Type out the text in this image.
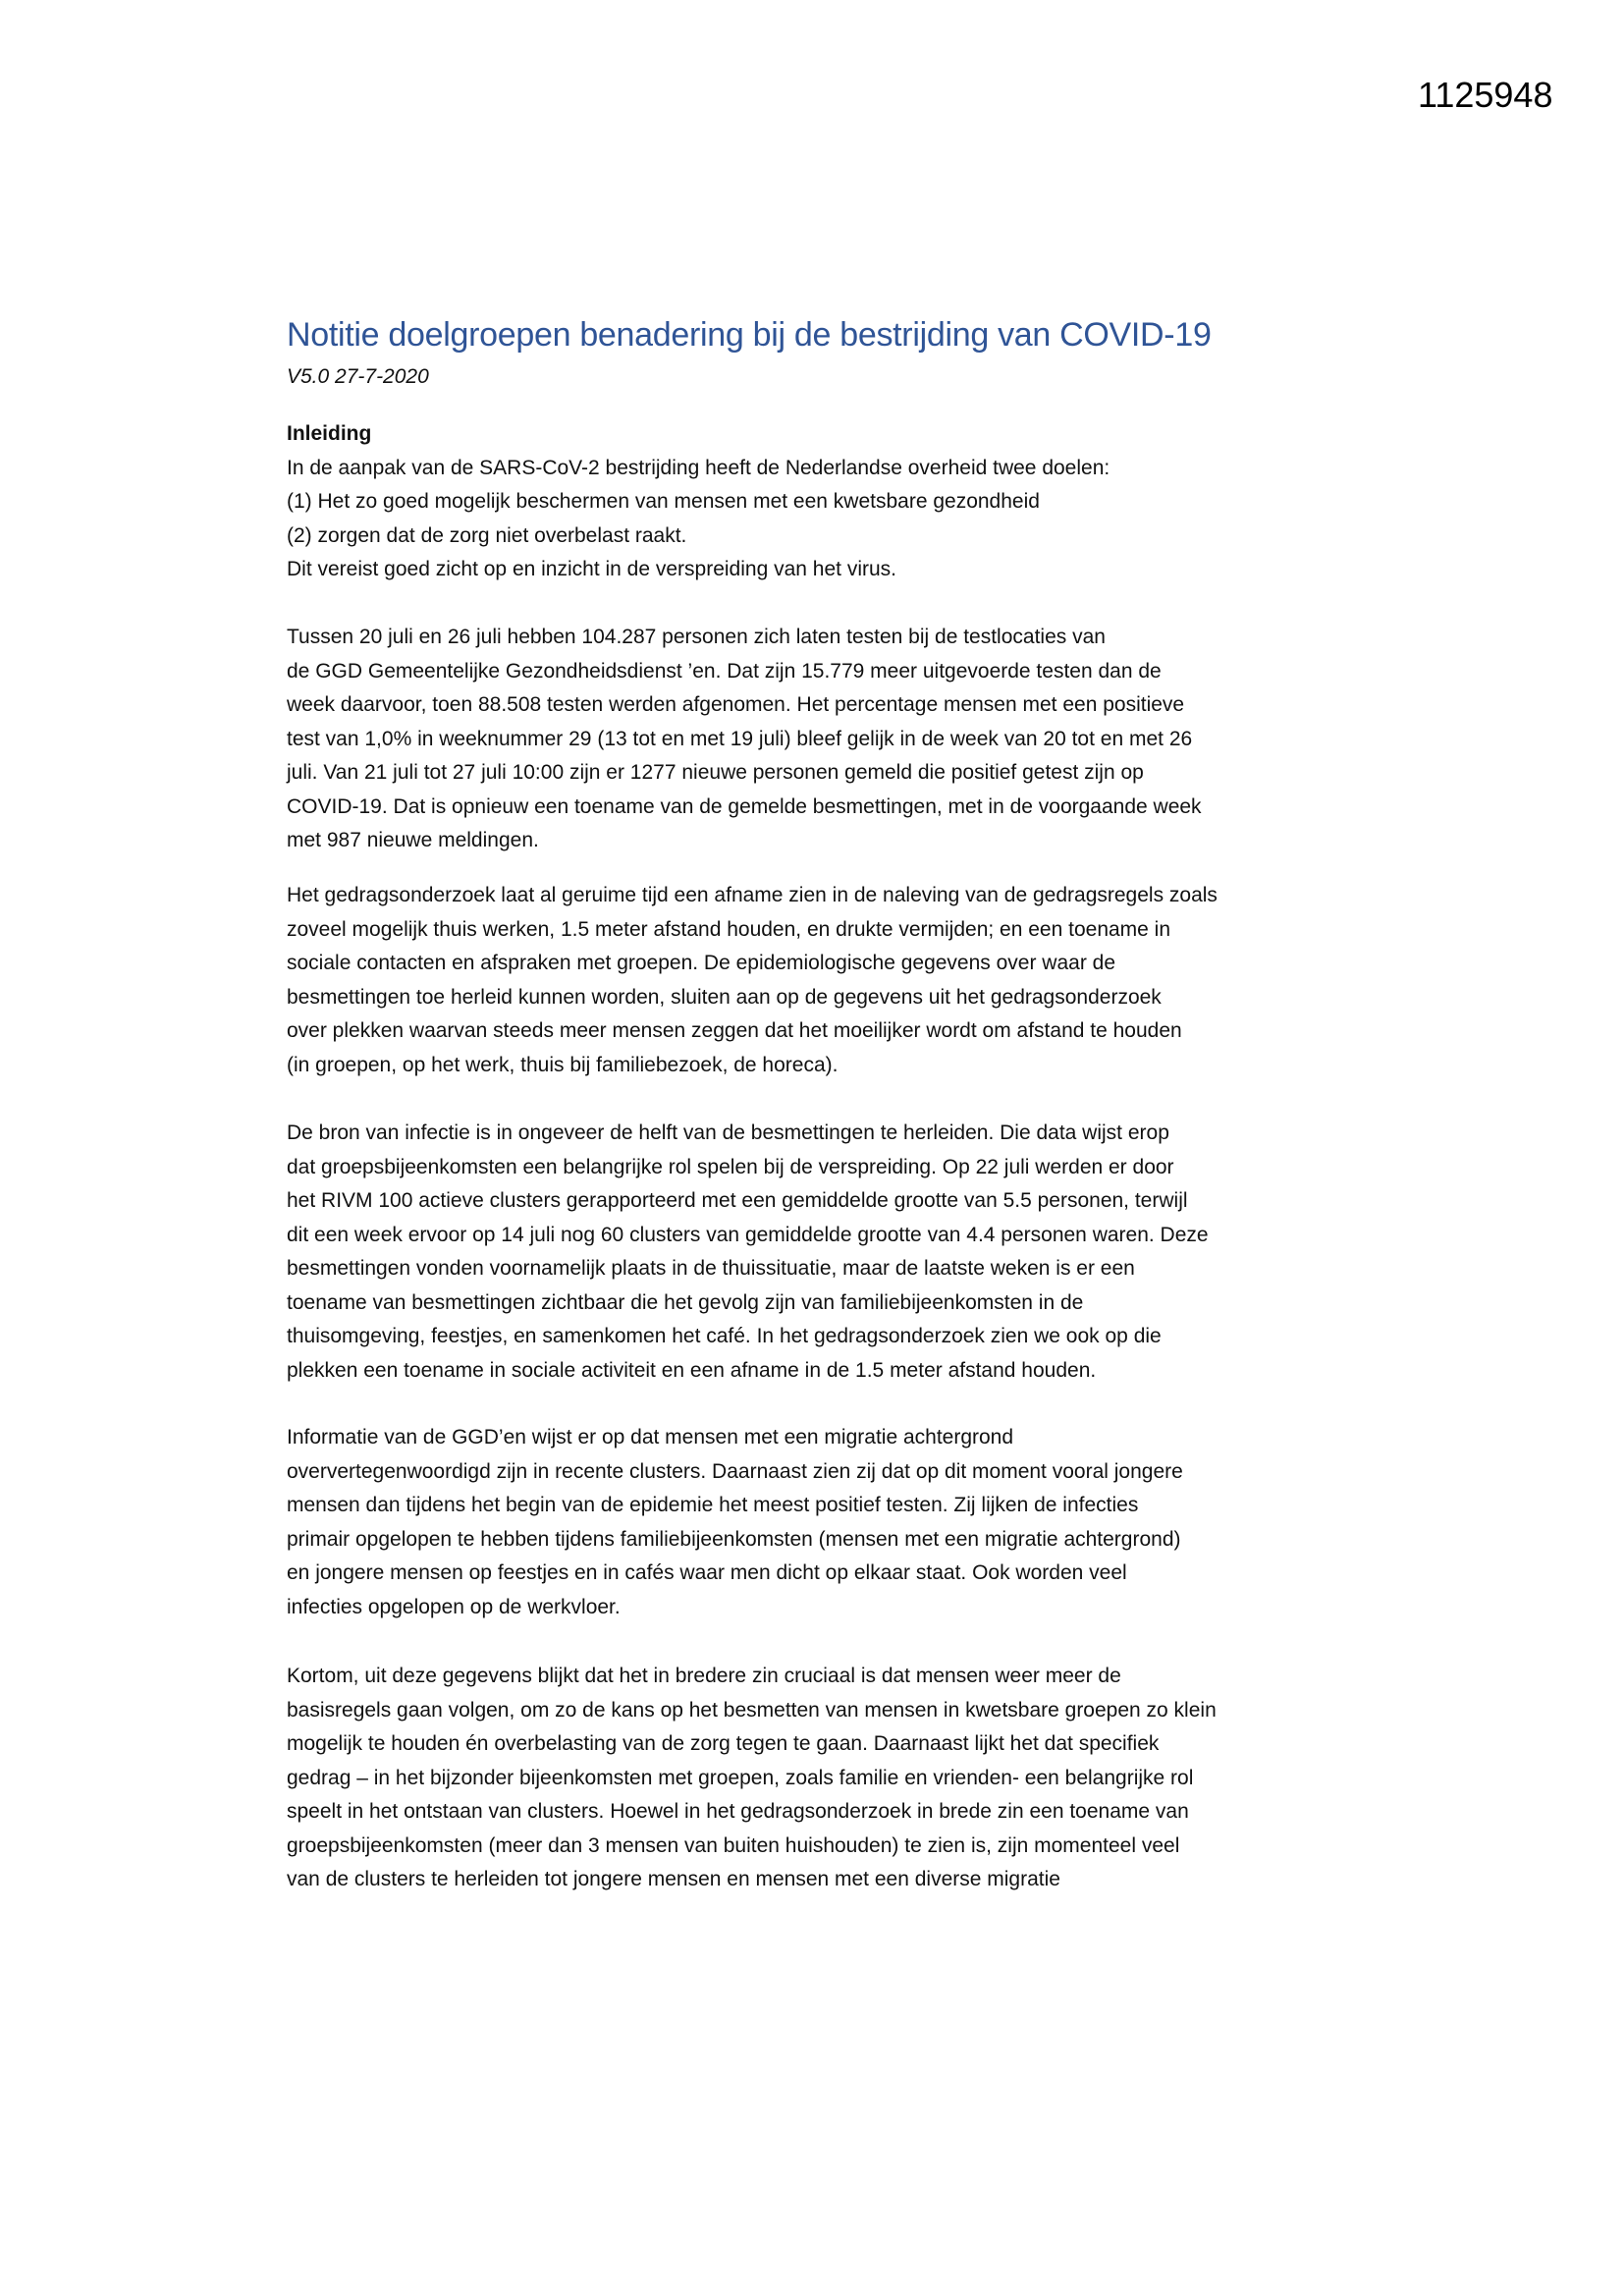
1125948
Notitie doelgroepen benadering bij de bestrijding van COVID-19
V5.0 27-7-2020
Inleiding
In de aanpak van de SARS-CoV-2 bestrijding heeft de Nederlandse overheid twee doelen:
(1) Het zo goed mogelijk beschermen van mensen met een kwetsbare gezondheid
(2) zorgen dat de zorg niet overbelast raakt.
Dit vereist goed zicht op en inzicht in de verspreiding van het virus.
Tussen 20 juli en 26 juli hebben 104.287 personen zich laten testen bij de testlocaties van
de GGD Gemeentelijke Gezondheidsdienst ’en. Dat zijn 15.779 meer uitgevoerde testen dan de
week daarvoor, toen 88.508 testen werden afgenomen. Het percentage mensen met een positieve
test van 1,0% in weeknummer 29 (13 tot en met 19 juli) bleef gelijk in de week van 20 tot en met 26
juli. Van 21 juli tot 27 juli 10:00 zijn er 1277 nieuwe personen gemeld die positief getest zijn op
COVID-19. Dat is opnieuw een toename van de gemelde besmettingen, met in de voorgaande week
met 987 nieuwe meldingen.
Het gedragsonderzoek laat al geruime tijd een afname zien in de naleving van de gedragsregels zoals
zoveel mogelijk thuis werken, 1.5 meter afstand houden, en drukte vermijden; en een toename in
sociale contacten en afspraken met groepen. De epidemiologische gegevens over waar de
besmettingen toe herleid kunnen worden, sluiten aan op de gegevens uit het gedragsonderzoek
over plekken waarvan steeds meer mensen zeggen dat het moeilijker wordt om afstand te houden
(in groepen, op het werk, thuis bij familiebezoek, de horeca).
De bron van infectie is in ongeveer de helft van de besmettingen te herleiden. Die data wijst erop
dat groepsbijeenkomsten een belangrijke rol spelen bij de verspreiding. Op 22 juli werden er door
het RIVM 100 actieve clusters gerapporteerd met een gemiddelde grootte van 5.5 personen, terwijl
dit een week ervoor op 14 juli nog 60 clusters van gemiddelde grootte van 4.4 personen waren. Deze
besmettingen vonden voornamelijk plaats in de thuissituatie, maar de laatste weken is er een
toename van besmettingen zichtbaar die het gevolg zijn van familiebijeenkomsten in de
thuisomgeving, feestjes, en samenkomen het café. In het gedragsonderzoek zien we ook op die
plekken een toename in sociale activiteit en een afname in de 1.5 meter afstand houden.
Informatie van de GGD’en wijst er op dat mensen met een migratie achtergrond
oververtegenwoordigd zijn in recente clusters. Daarnaast zien zij dat op dit moment vooral jongere
mensen dan tijdens het begin van de epidemie het meest positief testen. Zij lijken de infecties
primair opgelopen te hebben tijdens familiebijeenkomsten (mensen met een migratie achtergrond)
en jongere mensen op feestjes en in cafés waar men dicht op elkaar staat. Ook worden veel
infecties opgelopen op de werkvloer.
Kortom, uit deze gegevens blijkt dat het in bredere zin cruciaal is dat mensen weer meer de
basisregels gaan volgen, om zo de kans op het besmetten van mensen in kwetsbare groepen zo klein
mogelijk te houden én overbelasting van de zorg tegen te gaan. Daarnaast lijkt het dat specifiek
gedrag – in het bijzonder bijeenkomsten met groepen, zoals familie en vrienden- een belangrijke rol
speelt in het ontstaan van clusters. Hoewel in het gedragsonderzoek in brede zin een toename van
groepsbijeenkomsten (meer dan 3 mensen van buiten huishouden) te zien is, zijn momenteel veel
van de clusters te herleiden tot jongere mensen en mensen met een diverse migratie
